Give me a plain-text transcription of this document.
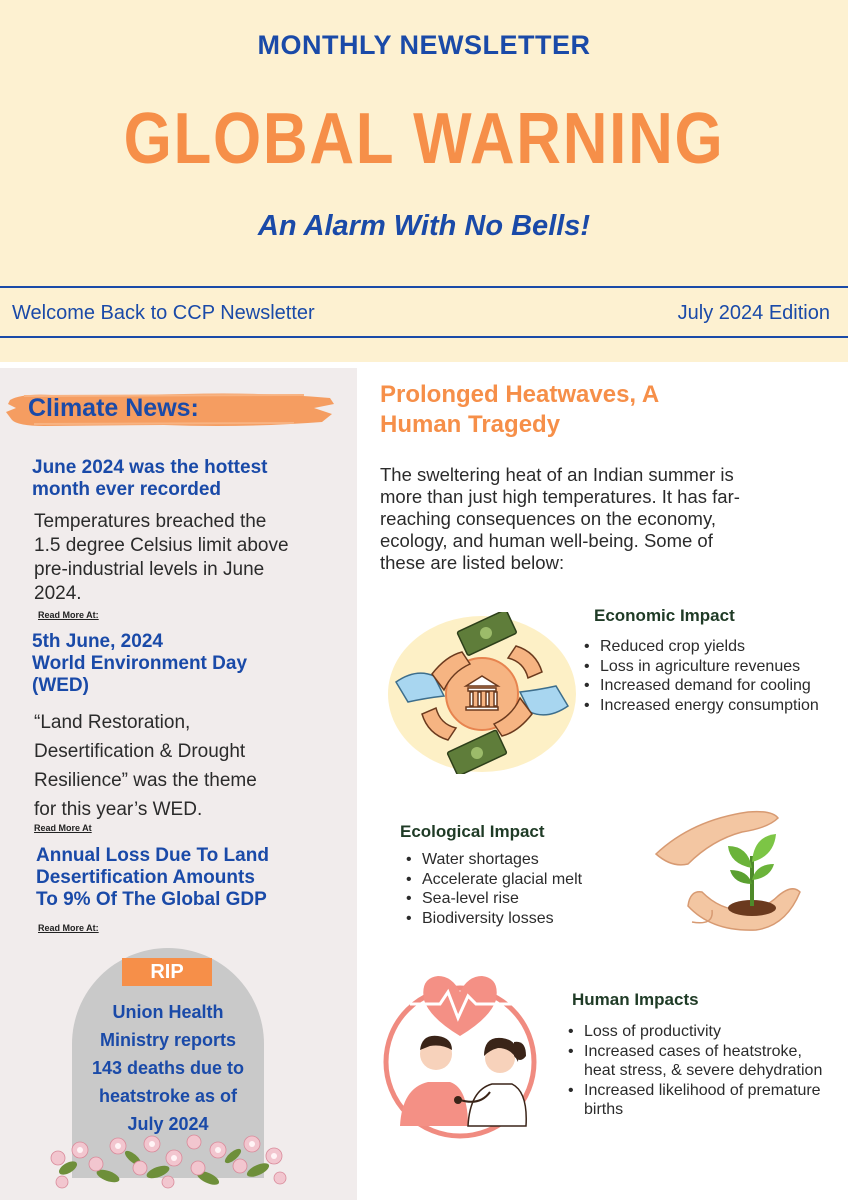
MONTHLY NEWSLETTER
GLOBAL WARNING
An Alarm With No Bells!
Welcome Back to CCP Newsletter	July 2024 Edition
Climate News:
June 2024 was the hottest
month ever recorded
Temperatures breached the
1.5 degree Celsius limit above
pre-industrial levels in June
2024.
Read More At:
5th June, 2024
World Environment Day
(WED)
“Land Restoration,
Desertification & Drought
Resilience” was the theme
for this year’s WED.
Read More At
Annual Loss Due To Land
Desertification Amounts
To 9% Of The Global GDP
Read More At:
RIP
Union Health
Ministry reports
143 deaths due to
heatstroke as of
July 2024
Prolonged Heatwaves, A
Human Tragedy
The sweltering heat of an Indian summer is
more than just high temperatures. It has far-
reaching consequences on the economy,
ecology, and human well-being. Some of
these are listed below:
Economic Impact
• Reduced crop yields
• Loss in agriculture revenues
• Increased demand for cooling
• Increased energy consumption
Ecological Impact
• Water shortages
• Accelerate glacial melt
• Sea-level rise
• Biodiversity losses
Human Impacts
• Loss of productivity
• Increased cases of heatstroke, heat stress, & severe dehydration
• Increased likelihood of premature births
